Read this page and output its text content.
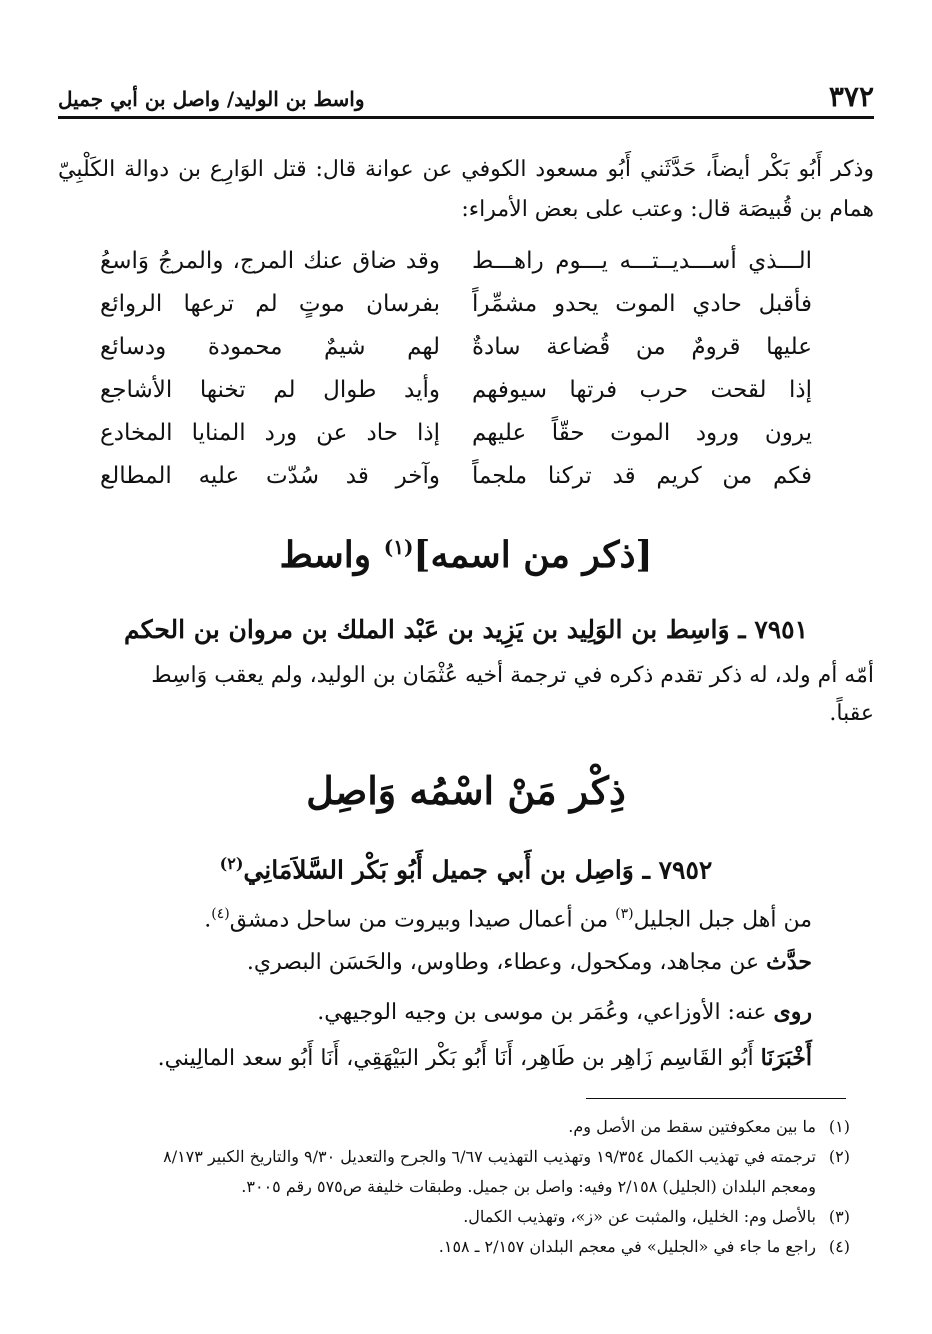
٣٧٢
واسط بن الوليد/ واصل بن أبي جميل
وذكر أَبُو بَكْر أيضاً، حَدَّثَني أَبُو مسعود الكوفي عن عوانة قال: قتل الوَارِع بن دوالة الكَلْبِيّ همام بن قُبيصَة قال: وعتب على بعض الأمراء:
الـــذي أســـديــتـــه يـــوم راهـــط
وقد ضاق عنك المرج، والمرجُ وَاسعُ
فأقبل حادي الموت يحدو مشمِّراً
بفرسان موتٍ لم ترعها الروائع
عليها قرومٌ من قُضاعة سادةٌ
لهم شيمٌ محمودة ودسائع
إذا لقحت حرب فرتها سيوفهم
وأيد طوال لم تخنها الأشاجع
يرون ورود الموت حقّاً عليهم
إذا حاد عن ورد المنايا المخادع
فكم من كريم قد تركنا ملجماً
وآخر قد سُدّت عليه المطالع
[ذكر من اسمه]$^{(١)}$ واسط
٧٩٥١ ـ وَاسِط بن الوَلِيد بن يَزِيد بن عَبْد الملك بن مروان بن الحكم
أمّه أم ولد، له ذكر تقدم ذكره في ترجمة أخيه عُثْمَان بن الوليد، ولم يعقب وَاسِط
عقباً.
ذِكْر مَنْ اسْمُه وَاصِل
٧٩٥٢ ـ وَاصِل بن أَبي جميل أَبُو بَكْر السَّلاَمَانِي$^{(٢)}$
من أهل جبل الجليل$^{(٣)}$ من أعمال صيدا وبيروت من ساحل دمشق$^{(٤)}$.
حدَّث عن مجاهد، ومكحول، وعطاء، وطاوس، والحَسَن البصري.
روى عنه: الأوزاعي، وعُمَر بن موسى بن وجيه الوجيهي.
أَخْبَرَنَا أَبُو القَاسِم زَاهِر بن طَاهِر، أَنَا أَبُو بَكْر البَيْهَقِي، أَنَا أَبُو سعد المالِيني.
(١)
ما بين معكوفتين سقط من الأصل وم.
(٢)
ترجمته في تهذيب الكمال ١٩/٣٥٤ وتهذيب التهذيب ٦/٦٧ والجرح والتعديل ٩/٣٠ والتاريخ الكبير ٨/١٧٣
ومعجم البلدان (الجليل) ٢/١٥٨ وفيه: واصل بن جميل. وطبقات خليفة ص٥٧٥ رقم ٣٠٠٥.
(٣)
بالأصل وم: الخليل، والمثبت عن «ز»، وتهذيب الكمال.
(٤)
راجع ما جاء في «الجليل» في معجم البلدان ٢/١٥٧ ـ ١٥٨.
